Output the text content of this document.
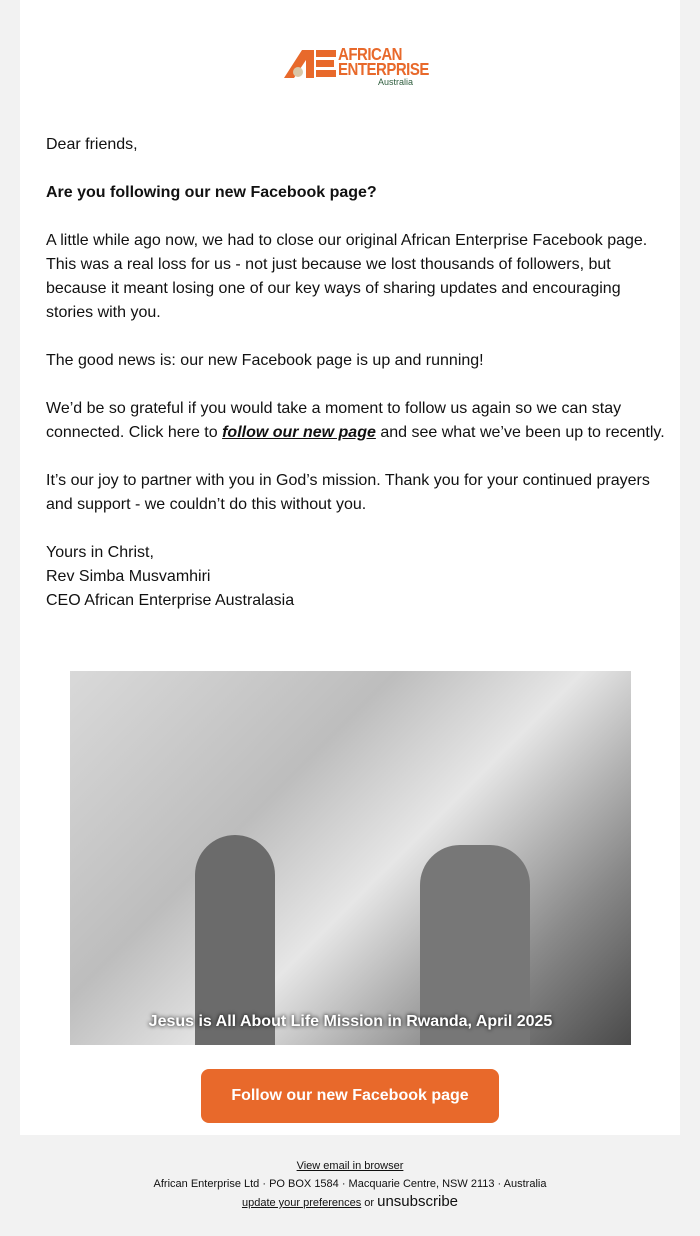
AFRICAN
ENTERPRISE
Australia

Dear friends,

Are you following our new Facebook page?

A little while ago now, we had to close our original African Enterprise Facebook page. This was a real loss for us - not just because we lost thousands of followers, but because it meant losing one of our key ways of sharing updates and encouraging stories with you.

The good news is: our new Facebook page is up and running!

We’d be so grateful if you would take a moment to follow us again so we can stay connected. Click here to follow our new page and see what we’ve been up to recently.

It’s our joy to partner with you in God’s mission. Thank you for your continued prayers and support - we couldn’t do this without you.

Yours in Christ,
Rev Simba Musvamhiri
CEO African Enterprise Australasia
Jesus is All About Life Mission in Rwanda, April 2025
Follow our new Facebook page
View email in browser
African Enterprise Ltd · PO BOX 1584 · Macquarie Centre, NSW 2113 · Australia
update your preferences or unsubscribe
